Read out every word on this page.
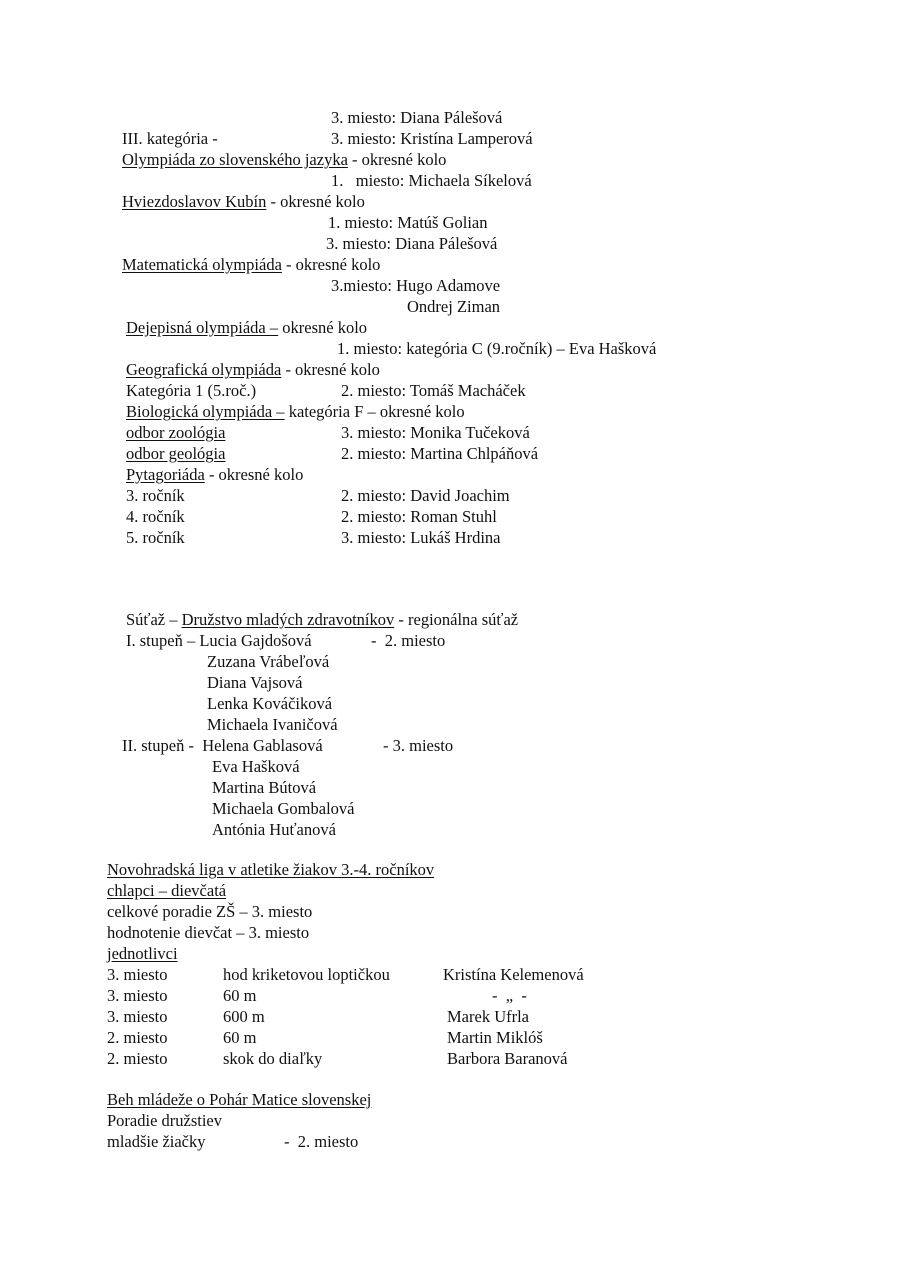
3. miesto: Diana Pálešová
III. kategória -	3. miesto: Kristína Lamperová
Olympiáda zo slovenského jazyka - okresné kolo
1.   miesto: Michaela Síkelová
Hviezdoslavov Kubín - okresné kolo
1. miesto: Matúš Golian
3. miesto: Diana Pálešová
Matematická olympiáda - okresné kolo
3.miesto: Hugo Adamove
Ondrej Ziman
Dejepisná olympiáda – okresné kolo
1. miesto: kategória C (9.ročník) – Eva Hašková
Geografická olympiáda - okresné kolo
Kategória 1 (5.roč.)	2. miesto: Tomáš Macháček
Biologická olympiáda – kategória F – okresné kolo
odbor zoológia	3. miesto: Monika Tučeková
odbor geológia	2. miesto: Martina Chlpáňová
Pytagoriáda - okresné kolo
3. ročník	2. miesto: David Joachim
4. ročník	2. miesto: Roman Stuhl
5. ročník	3. miesto: Lukáš Hrdina
Súťaž – Družstvo mladých zdravotníkov - regionálna súťaž
I. stupeň – Lucia Gajdošová	-  2. miesto
Zuzana Vrábeľová
Diana Vajsová
Lenka Kováčiková
Michaela Ivaničová
II. stupeň -  Helena Gablasová	- 3. miesto
Eva Hašková
Martina Bútová
Michaela Gombalová
Antónia Huťanová
Novohradská liga v atletike žiakov 3.-4. ročníkov
chlapci – dievčatá
celkové poradie ZŠ – 3. miesto
hodnotenie dievčat – 3. miesto
jednotlivci
3. miesto	hod kriketovou loptičkou	Kristína Kelemenová
3. miesto	60 m	-  „  -
3. miesto	600 m	Marek Ufrla
2. miesto	60 m	Martin Miklóš
2. miesto	skok do diaľky	Barbora Baranová
Beh mládeže o Pohár Matice slovenskej
Poradie družstiev
mladšie žiačky	-  2. miesto
